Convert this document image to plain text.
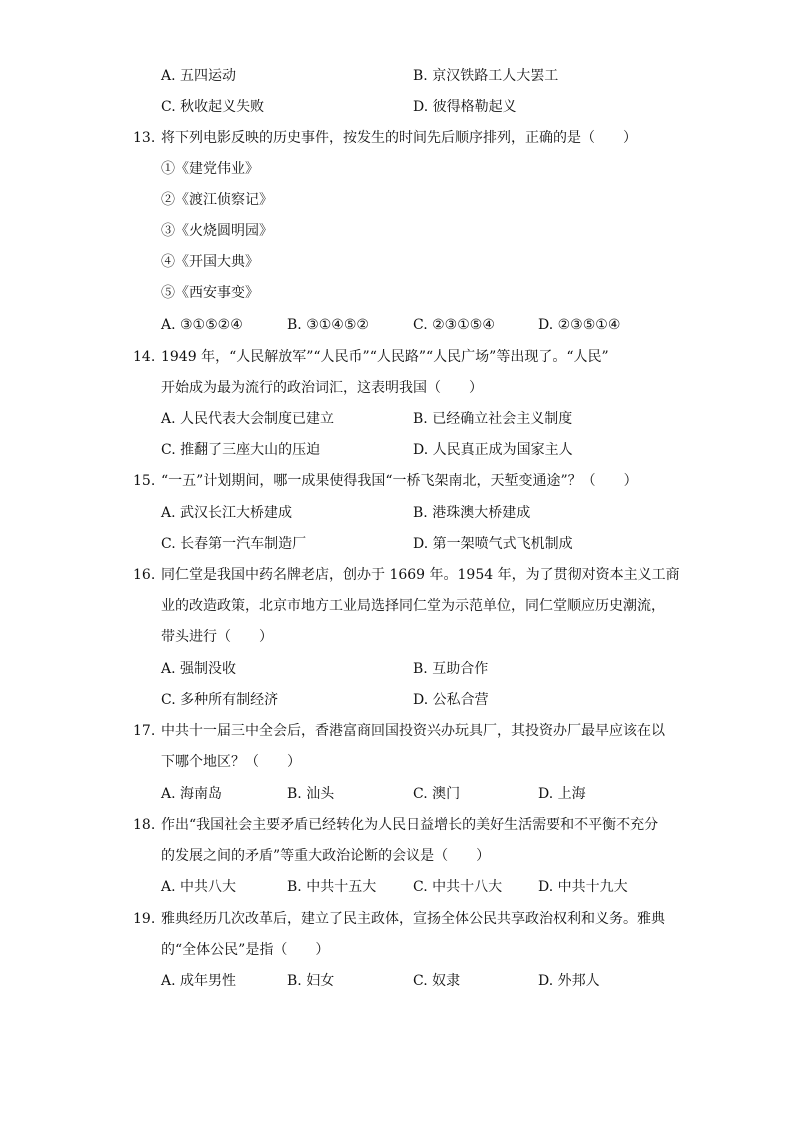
A. 五四运动	B. 京汉铁路工人大罢工
C. 秋收起义失败	D. 彼得格勒起义
13. 将下列电影反映的历史事件，按发生的时间先后顺序排列，正确的是（　　）
①《建党伟业》
②《渡江侦察记》
③《火烧圆明园》
④《开国大典》
⑤《西安事变》
A. ③①⑤②④	B. ③①④⑤②	C. ②③①⑤④	D. ②③⑤①④
14. 1949 年，“人民解放军”“人民币”“人民路”“人民广场”等出现了。“人民”
开始成为最为流行的政治词汇，这表明我国（　　）
A. 人民代表大会制度已建立	B. 已经确立社会主义制度
C. 推翻了三座大山的压迫	D. 人民真正成为国家主人
15. “一五”计划期间，哪一成果使得我国“一桥飞架南北，天堑变通途”？（　　）
A. 武汉长江大桥建成	B. 港珠澳大桥建成
C. 长春第一汽车制造厂	D. 第一架喷气式飞机制成
16. 同仁堂是我国中药名牌老店，创办于 1669 年。1954 年，为了贯彻对资本主义工商
业的改造政策，北京市地方工业局选择同仁堂为示范单位，同仁堂顺应历史潮流，
带头进行（　　）
A. 强制没收	B. 互助合作
C. 多种所有制经济	D. 公私合营
17. 中共十一届三中全会后，香港富商回国投资兴办玩具厂，其投资办厂最早应该在以
下哪个地区？（　　）
A. 海南岛	B. 汕头	C. 澳门	D. 上海
18. 作出“我国社会主要矛盾已经转化为人民日益增长的美好生活需要和不平衡不充分
的发展之间的矛盾”等重大政治论断的会议是（　　）
A. 中共八大	B. 中共十五大	C. 中共十八大	D. 中共十九大
19. 雅典经历几次改革后，建立了民主政体，宣扬全体公民共享政治权利和义务。雅典
的“全体公民”是指（　　）
A. 成年男性	B. 妇女	C. 奴隶	D. 外邦人
